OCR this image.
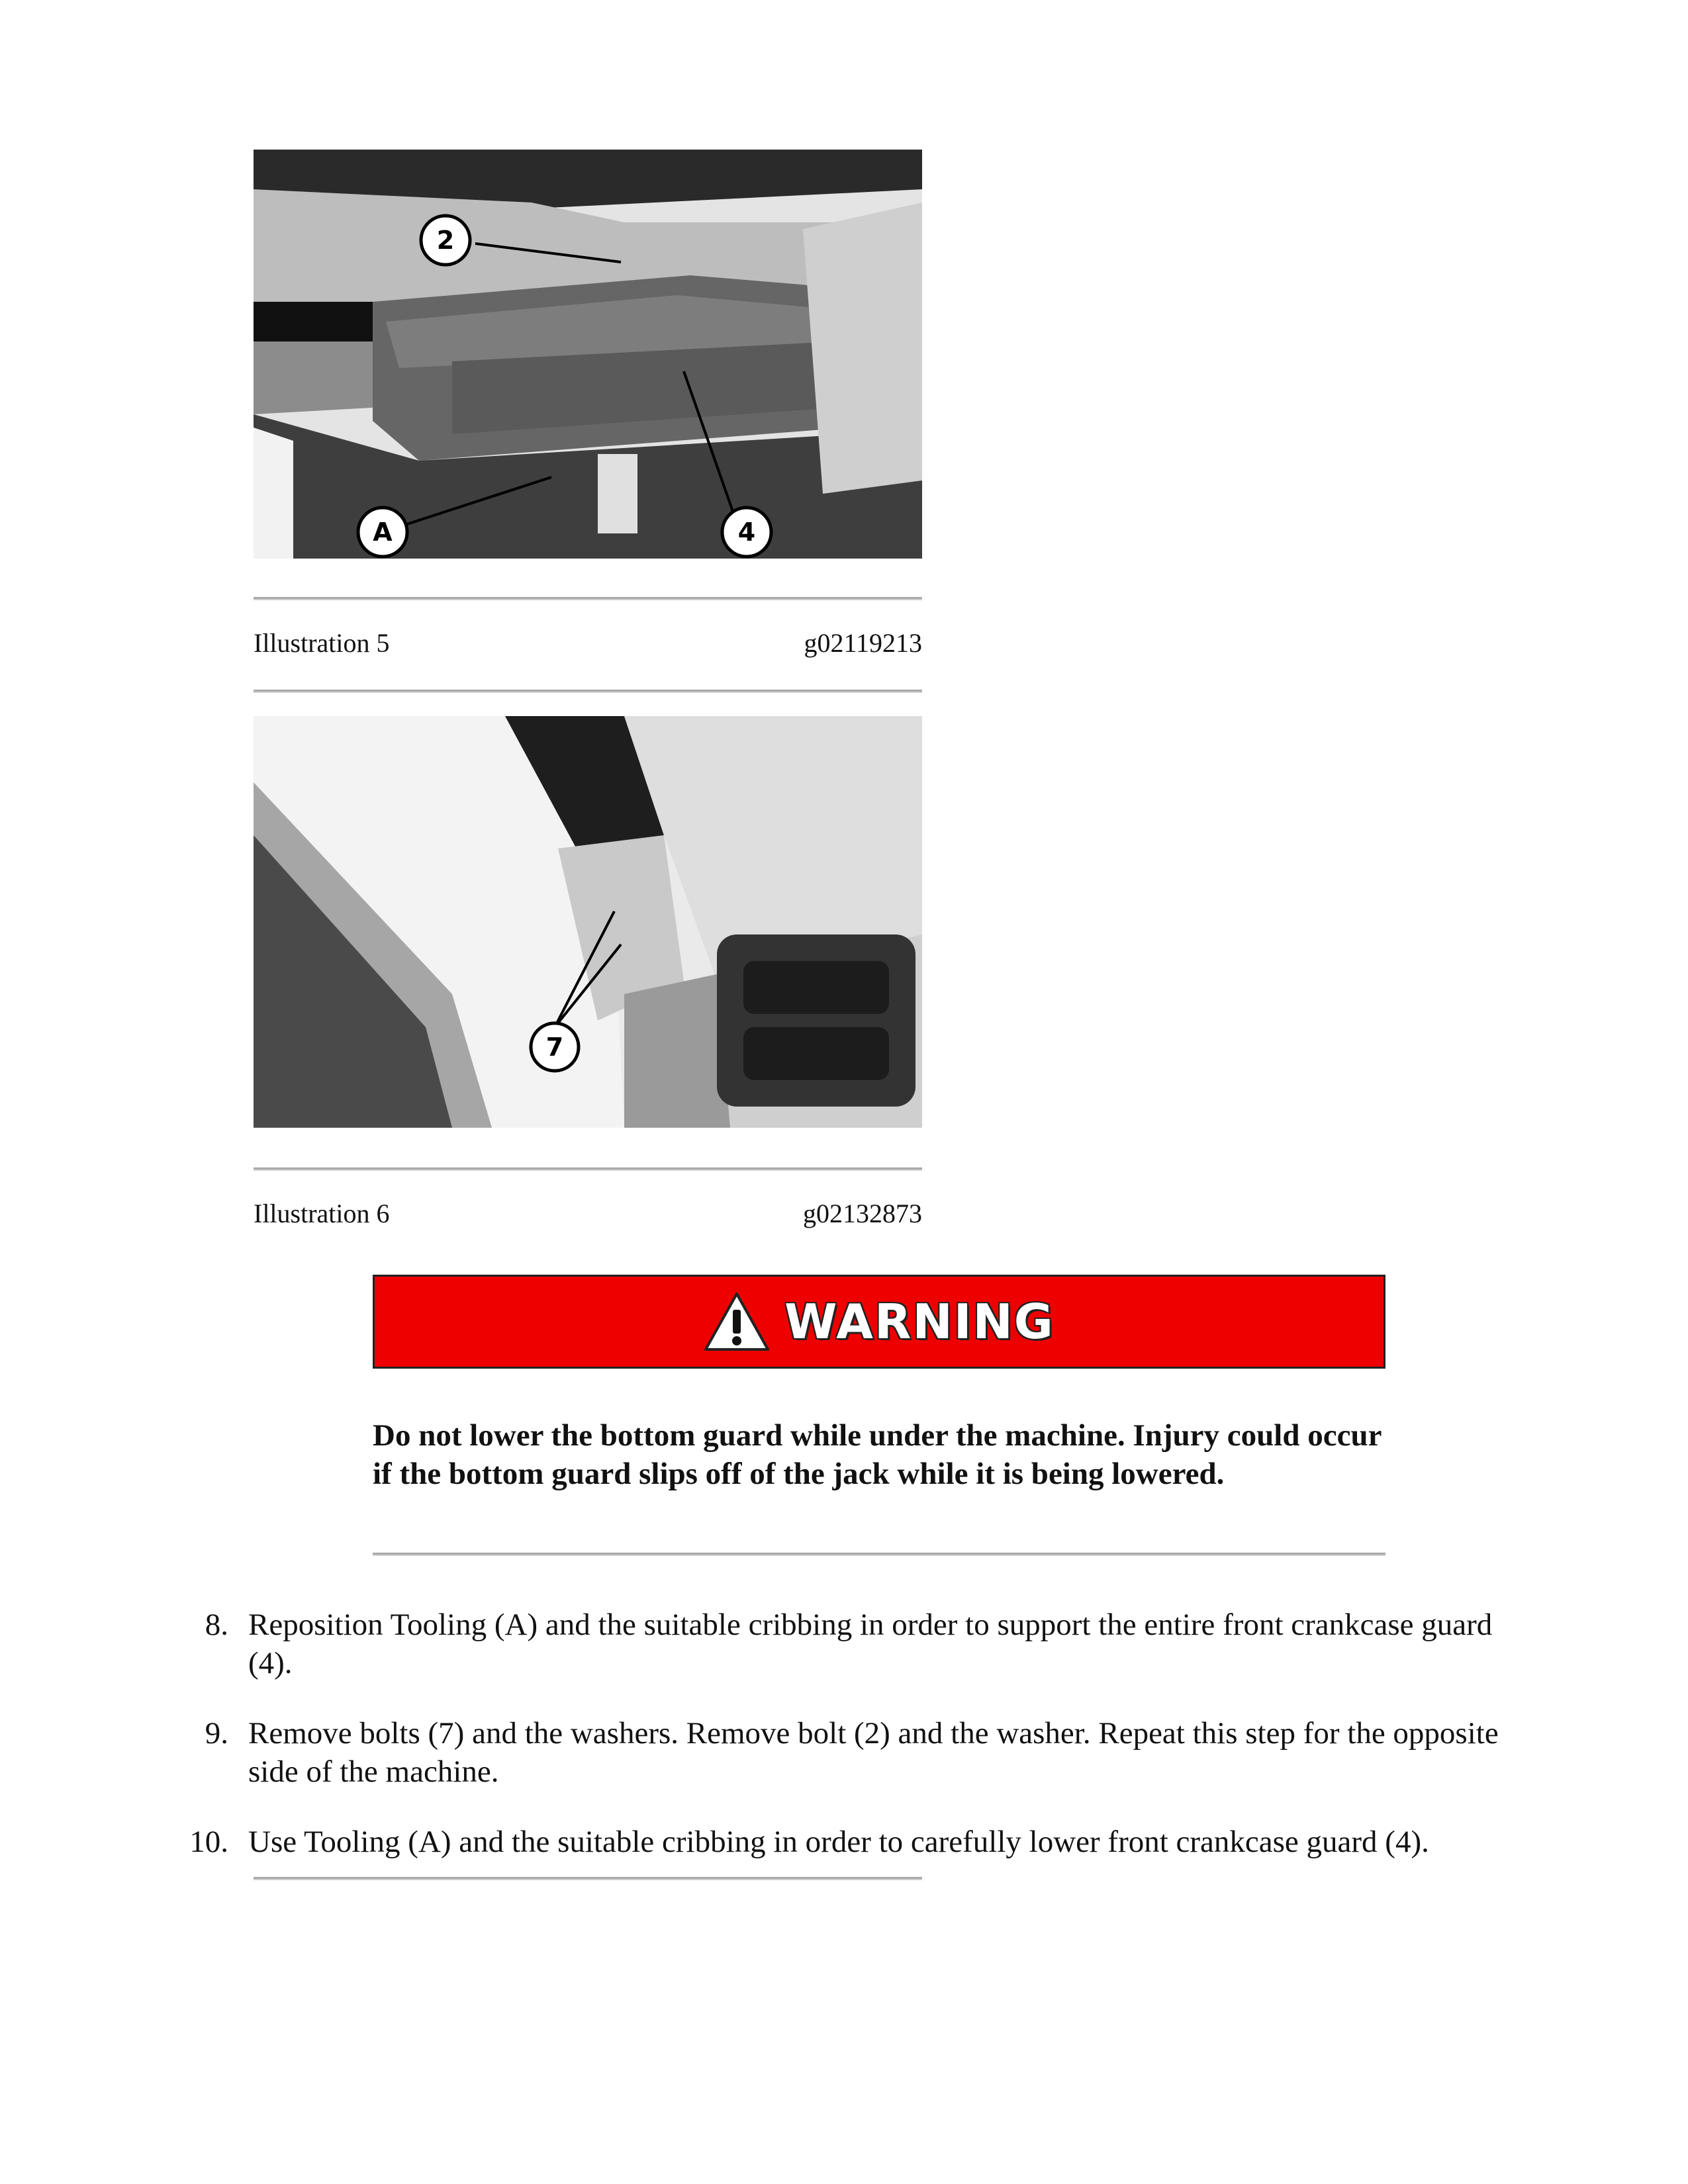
2
4
A
Illustration 5	g02119213
7
Illustration 6	g02132873
WARNING

Do not lower the bottom guard while under the machine. Injury could occur if the bottom guard slips off of the jack while it is being lowered.

8. Reposition Tooling (A) and the suitable cribbing in order to support the entire front crankcase guard (4).
9. Remove bolts (7) and the washers. Remove bolt (2) and the washer. Repeat this step for the opposite side of the machine.
10. Use Tooling (A) and the suitable cribbing in order to carefully lower front crankcase guard (4).
